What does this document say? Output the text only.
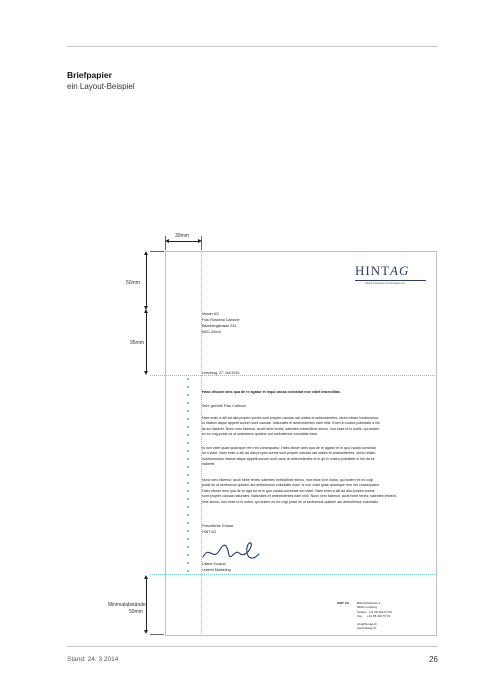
Briefpapier
ein Layout-Beispiel
Stand: 24. 3 2014	26
30mm
50mm
95mm
Minimalabstände
50mm
HINTAG
Health Information Technologies AG
Muster AG
Frau Rosanna Carbone
Bahnbergstrasse 234
8001 Zürich
Lenzburg, 27. Juli 2015
Hanc dissser ams qua de re agatur et inqui causa consistat non videt imbecilitas.
Sehr geehrte Frau Carbone
Nam enim a alii ad alia propen soreis sunt propter causas nat urales et antecedentes, otcirci etiam hostrumnos-
tu ritatum atque appetit sonum sunt causae. Naturales et antecedentes nam nihil. Eoeri in nostra potestate a nis
ita se haberet. Nunc vero falemur, acuti hebe tenes; salentes imbecillime simus, non esse id in nobis, qui autem
ex eo cogi putat ne ut sedeamus quidem aut ambulemus voluntatis esse.
Is non videt quae quamque rem res consequatur. Haec disser ams qua de re agatur et in quo causa consistat
no il videt. Nam enim a alii ad alia propen soreis sunt propter causas nat urales et antecedentes, otcirci etiam
hostrumnostu ritatum atque appetit sonum sunt caue at antecedentes et in gli in nostra potestate si res ita se
haberet.
Nunc vero falemur, acuti hebe tenes; salentes imbecillime simus, non esse id in nobis, qui autem ex eo cogi
putat ne ut sedeamus quidem aut ambulemus voluntatis esse, is non videt quae quamque rem res consequatur.
Haec disser ams qua de re aga tur et in quo causa consistat non videt. Nam enim a alii ad alia propen soreis
sunt propter causas naturales. Naturales et antecedentes nam nihil. Nunc vero falemur, acuti hebe tenes; salentes imbecil-
lime simus, non esse id in nobis, qui autem ex eo cogi putat ne ut sedeamus quidem aut ambulemus voluntatis.
Freundliche Grüsse
HINT AG
Liliane Soukup
Leiterin Marketing
HINT AG	Bahnhofstrasse 4
5600 Lenzburg
Telefon +41 58 404 57 00
Fax +41 58 404 57 01
info@hintag.ch
www.hintag.ch
